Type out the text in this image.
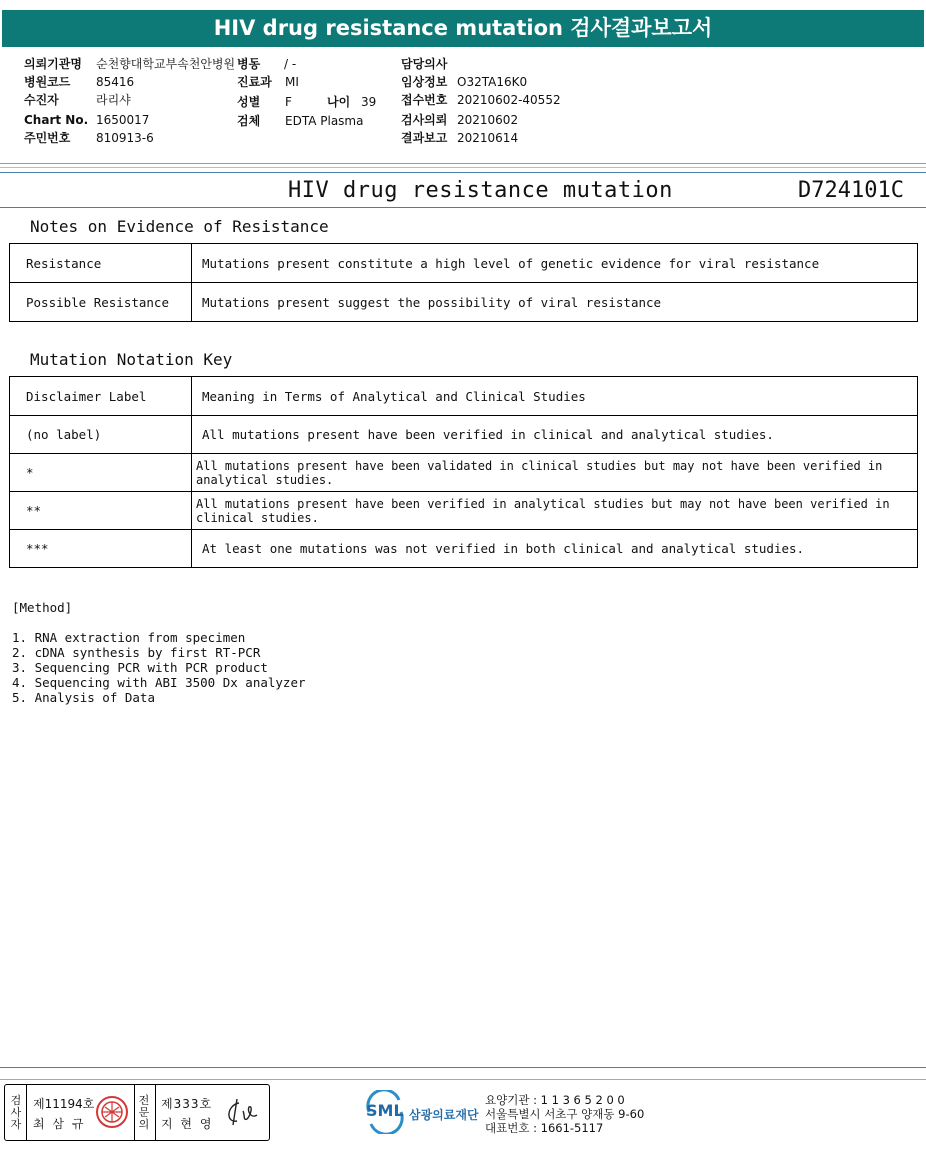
HIV drug resistance mutation 검사결과보고서
의뢰기관명 순천향대학교부속천안병원
병원코드 85416
수진자	라리샤
Chart No. 1650017
주민번호 810913-6
병동 / -
진료과 MI
성별 F	나이 39
검체 EDTA Plasma
담당의사
임상정보 O32TA16K0
접수번호 20210602-40552
검사의뢰 20210602
결과보고 20210614
HIV drug resistance mutation	D724101C
Notes on Evidence of Resistance
Resistance	Mutations present constitute a high level of genetic evidence for viral resistance
Possible Resistance	Mutations present suggest the possibility of viral resistance
Mutation Notation Key
Disclaimer Label	Meaning in Terms of Analytical and Clinical Studies
(no label)	All mutations present have been verified in clinical and analytical studies.
*	All mutations present have been validated in clinical studies but may not have been verified in analytical studies.
**	All mutations present have been verified in analytical studies but may not have been verified in clinical studies.
***	At least one mutations was not verified in both clinical and analytical studies.
[Method]
1. RNA extraction from specimen
2. cDNA synthesis by first RT-PCR
3. Sequencing PCR with PCR product
4. Sequencing with ABI 3500 Dx analyzer
5. Analysis of Data
검사자
제11194호
최 삼 규
전문의
제333호
지 현 영
SML 삼광의료재단
요양기관 : 1 1 3 6 5 2 0 0
서울특별시 서초구 양재동 9-60
대표번호 : 1661-5117
